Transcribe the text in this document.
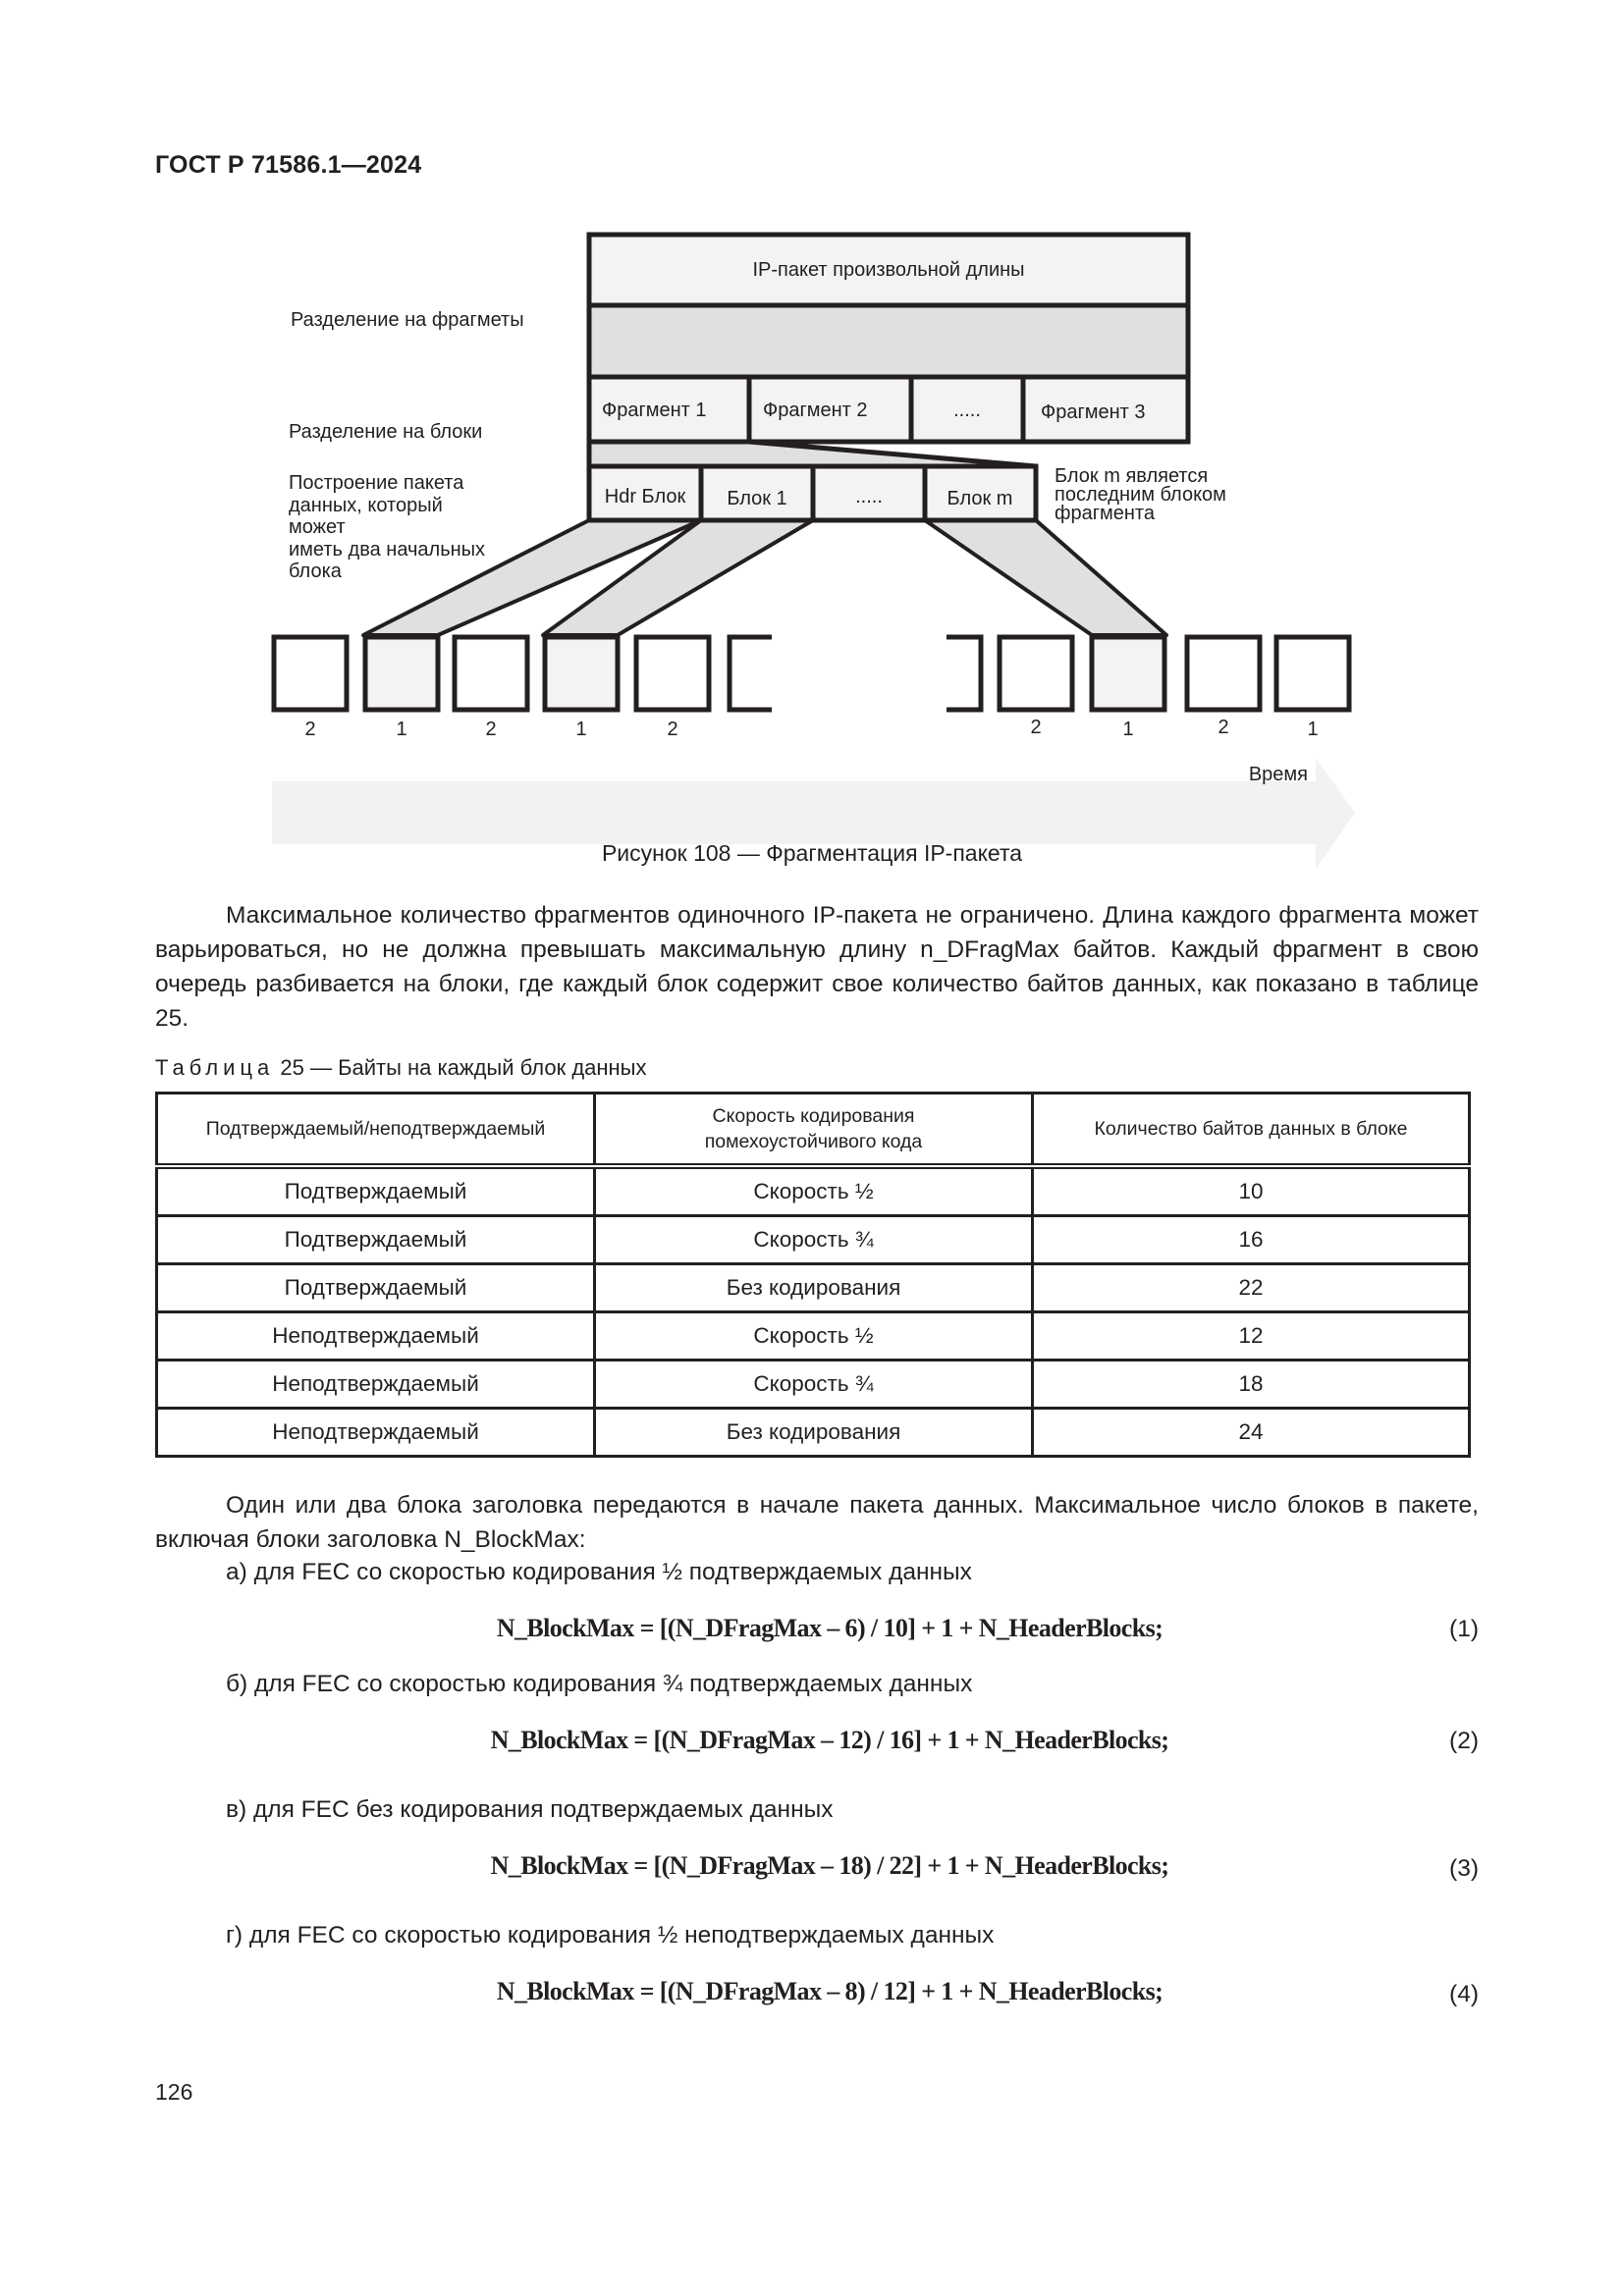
ГОСТ Р 71586.1—2024
IP-пакет произвольной длины
Фрагмент 1	Фрагмент 2	.....	Фрагмент 3
Hdr Блок Блок 1	.....	Блок m
Разделение на фрагметы
Разделение на блоки
Построение пакета данных, который может иметь два начальных блока
Блок m является последним блоком фрагмента
Время
2	1	2	1	2	2	1	2	1
Рисунок 108 — Фрагментация IP-пакета
Максимальное количество фрагментов одиночного IP-пакета не ограничено. Длина каждого фрагмента может варьироваться, но не должна превышать максимальную длину n_DFragMax байтов. Каждый фрагмент в свою очередь разбивается на блоки, где каждый блок содержит свое количество байтов данных, как показано в таблице 25.
Таблица 25 — Байты на каждый блок данных
Подтверждаемый/неподтверждаемый	Скорость кодирования помехоустойчивого кода	Количество байтов данных в блоке
Подтверждаемый	Скорость ½	10
Подтверждаемый	Скорость ¾	16
Подтверждаемый	Без кодирования	22
Неподтверждаемый	Скорость ½	12
Неподтверждаемый	Скорость ¾	18
Неподтверждаемый	Без кодирования	24
Один или два блока заголовка передаются в начале пакета данных. Максимальное число блоков в пакете, включая блоки заголовка N_BlockMax:
а) для FEC со скоростью кодирования ½ подтверждаемых данных
N_BlockMax = [(N_DFragMax – 6) / 10] + 1 + N_HeaderBlocks;	(1)
б) для FEC со скоростью кодирования ¾ подтверждаемых данных
N_BlockMax = [(N_DFragMax – 12) / 16] + 1 + N_HeaderBlocks;	(2)
в) для FEC без кодирования подтверждаемых данных
N_BlockMax = [(N_DFragMax – 18) / 22] + 1 + N_HeaderBlocks;	(3)
г) для FEC со скоростью кодирования ½ неподтверждаемых данных
N_BlockMax = [(N_DFragMax – 8) / 12] + 1 + N_HeaderBlocks;	(4)
126
